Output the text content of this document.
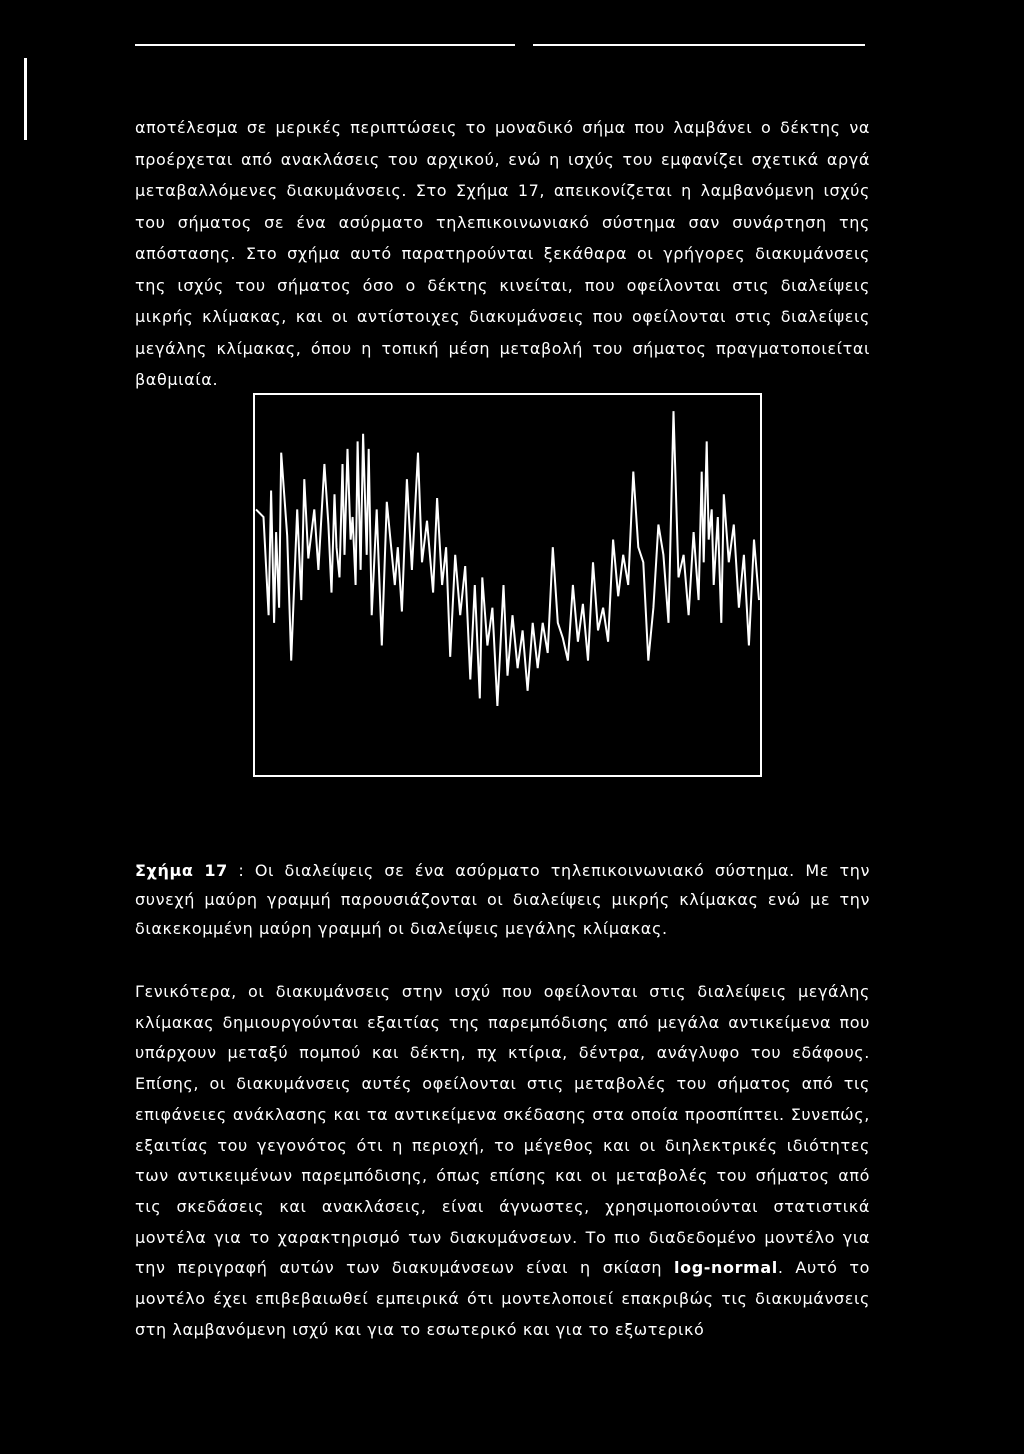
αποτέλεσμα σε μερικές περιπτώσεις το μοναδικό σήμα που λαμβάνει ο δέκτης να προέρχεται από ανακλάσεις του αρχικού, ενώ η ισχύς του εμφανίζει σχετικά αργά μεταβαλλόμενες διακυμάνσεις. Στο Σχήμα 17, απεικονίζεται η λαμβανόμενη ισχύς του σήματος σε ένα ασύρματο τηλεπικοινωνιακό σύστημα σαν συνάρτηση της απόστασης. Στο σχήμα αυτό παρατηρούνται ξεκάθαρα οι γρήγορες διακυμάνσεις της ισχύς του σήματος όσο ο δέκτης κινείται, που οφείλονται στις διαλείψεις μικρής κλίμακας, και οι αντίστοιχες διακυμάνσεις που οφείλονται στις διαλείψεις μεγάλης κλίμακας, όπου η τοπική μέση μεταβολή του σήματος πραγματοποιείται βαθμιαία.

Σχήμα 17 : Οι διαλείψεις σε ένα ασύρματο τηλεπικοινωνιακό σύστημα. Με την συνεχή μαύρη γραμμή παρουσιάζονται οι διαλείψεις μικρής κλίμακας ενώ με την διακεκομμένη μαύρη γραμμή οι διαλείψεις μεγάλης κλίμακας.

Γενικότερα, οι διακυμάνσεις στην ισχύ που οφείλονται στις διαλείψεις μεγάλης κλίμακας δημιουργούνται εξαιτίας της παρεμπόδισης από μεγάλα αντικείμενα που υπάρχουν μεταξύ πομπού και δέκτη, πχ κτίρια, δέντρα, ανάγλυφο του εδάφους. Επίσης, οι διακυμάνσεις αυτές οφείλονται στις μεταβολές του σήματος από τις επιφάνειες ανάκλασης και τα αντικείμενα σκέδασης στα οποία προσπίπτει. Συνεπώς, εξαιτίας του γεγονότος ότι η περιοχή, το μέγεθος και οι διηλεκτρικές ιδιότητες των αντικειμένων παρεμπόδισης, όπως επίσης και οι μεταβολές του σήματος από τις σκεδάσεις και ανακλάσεις, είναι άγνωστες, χρησιμοποιούνται στατιστικά μοντέλα για το χαρακτηρισμό των διακυμάνσεων. Το πιο διαδεδομένο μοντέλο για την περιγραφή αυτών των διακυμάνσεων είναι η σκίαση log-normal. Αυτό το μοντέλο έχει επιβεβαιωθεί εμπειρικά ότι μοντελοποιεί επακριβώς τις διακυμάνσεις στη λαμβανόμενη ισχύ και για το εσωτερικό και για το εξωτερικό
